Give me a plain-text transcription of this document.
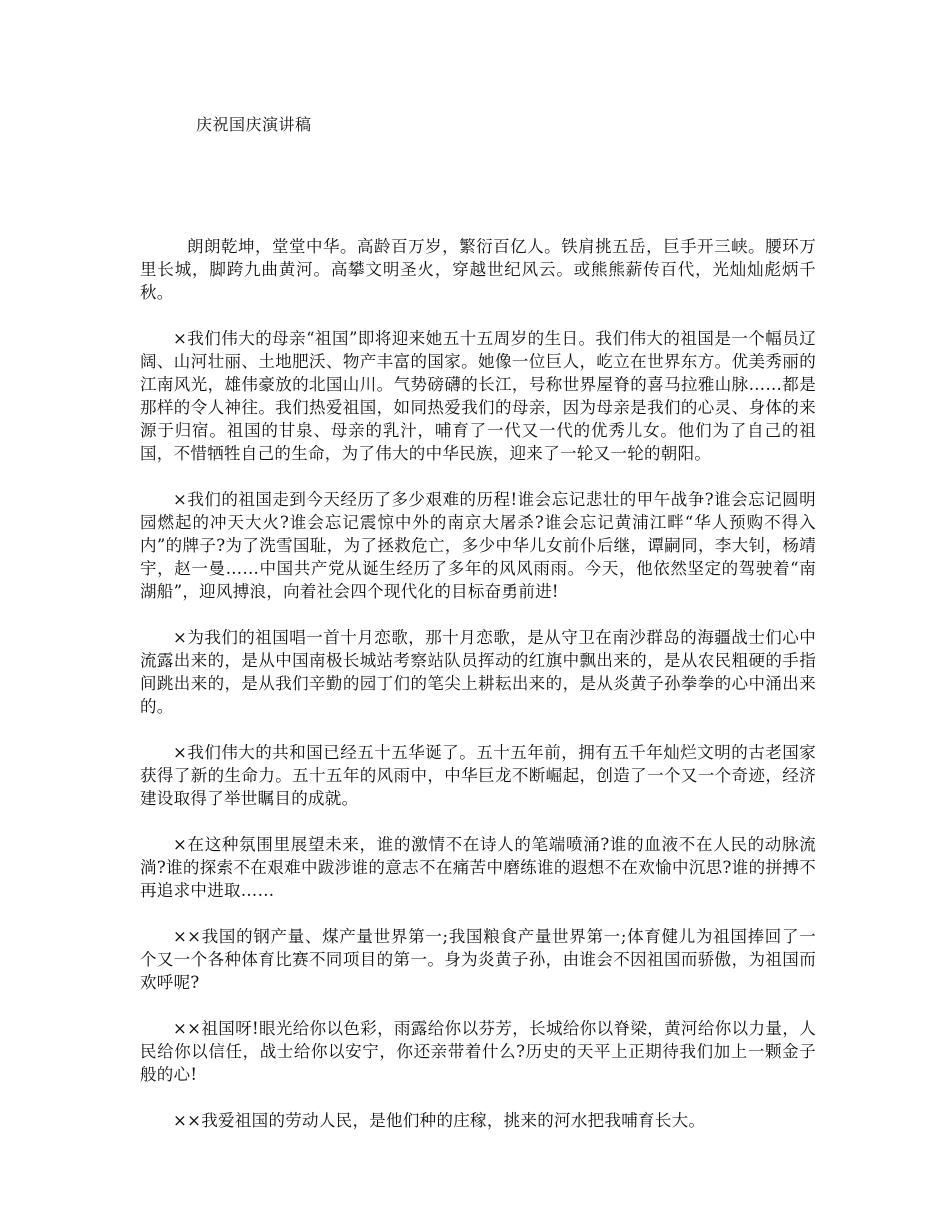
庆祝国庆演讲稿

朗朗乾坤，堂堂中华。高龄百万岁，繁衍百亿人。铁肩挑五岳，巨手开三峡。腰环万里长城，脚跨九曲黄河。高攀文明圣火，穿越世纪风云。或熊熊薪传百代，光灿灿彪炳千秋。

×我们伟大的母亲“祖国”即将迎来她五十五周岁的生日。我们伟大的祖国是一个幅员辽阔、山河壮丽、土地肥沃、物产丰富的国家。她像一位巨人，屹立在世界东方。优美秀丽的江南风光，雄伟豪放的北国山川。气势磅礴的长江，号称世界屋脊的喜马拉雅山脉……都是那样的令人神往。我们热爱祖国，如同热爱我们的母亲，因为母亲是我们的心灵、身体的来源于归宿。祖国的甘泉、母亲的乳汁，哺育了一代又一代的优秀儿女。他们为了自己的祖国，不惜牺牲自己的生命，为了伟大的中华民族，迎来了一轮又一轮的朝阳。

×我们的祖国走到今天经历了多少艰难的历程!谁会忘记悲壮的甲午战争?谁会忘记圆明园燃起的冲天大火?谁会忘记震惊中外的南京大屠杀?谁会忘记黄浦江畔“华人预购不得入内”的牌子?为了洗雪国耻，为了拯救危亡，多少中华儿女前仆后继，谭嗣同，李大钊，杨靖宇，赵一曼……中国共产党从诞生经历了多年的风风雨雨。今天，他依然坚定的驾驶着“南湖船”，迎风搏浪，向着社会四个现代化的目标奋勇前进!

×为我们的祖国唱一首十月恋歌，那十月恋歌，是从守卫在南沙群岛的海疆战士们心中流露出来的，是从中国南极长城站考察站队员挥动的红旗中飘出来的，是从农民粗硬的手指间跳出来的，是从我们辛勤的园丁们的笔尖上耕耘出来的，是从炎黄子孙拳拳的心中涌出来的。

×我们伟大的共和国已经五十五华诞了。五十五年前，拥有五千年灿烂文明的古老国家获得了新的生命力。五十五年的风雨中，中华巨龙不断崛起，创造了一个又一个奇迹，经济建设取得了举世瞩目的成就。

×在这种氛围里展望未来，谁的激情不在诗人的笔端喷涌?谁的血液不在人民的动脉流淌?谁的探索不在艰难中跋涉谁的意志不在痛苦中磨练谁的遐想不在欢愉中沉思?谁的拼搏不再追求中进取……

××我国的钢产量、煤产量世界第一;我国粮食产量世界第一;体育健儿为祖国捧回了一个又一个各种体育比赛不同项目的第一。身为炎黄子孙，由谁会不因祖国而骄傲，为祖国而欢呼呢?

××祖国呀!眼光给你以色彩，雨露给你以芬芳，长城给你以脊梁，黄河给你以力量，人民给你以信任，战士给你以安宁，你还亲带着什么?历史的天平上正期待我们加上一颗金子般的心!

××我爱祖国的劳动人民，是他们种的庄稼，挑来的河水把我哺育长大。
